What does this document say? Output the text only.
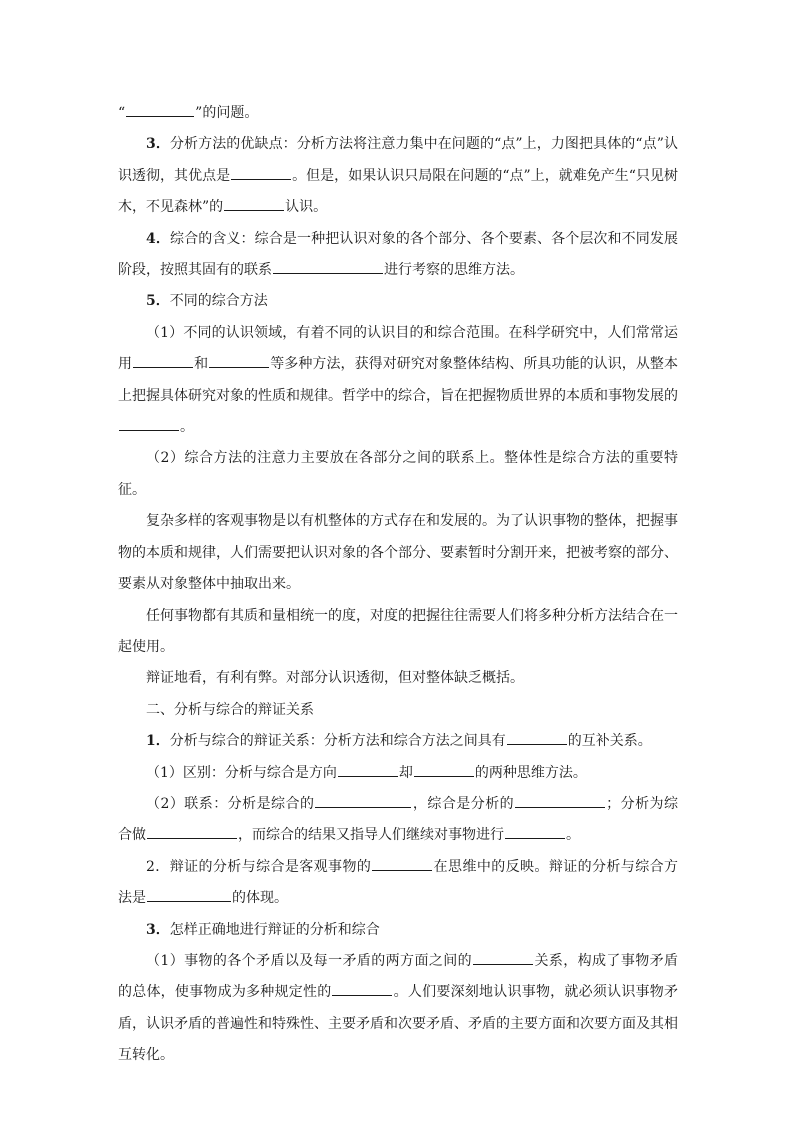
“	”的问题。

3．分析方法的优缺点：分析方法将注意力集中在问题的“点”上，力图把具体的“点”认识透彻，其优点是	。但是，如果认识只局限在问题的“点”上，就难免产生“只见树木，不见森林”的	认识。

4．综合的含义：综合是一种把认识对象的各个部分、各个要素、各个层次和不同发展阶段，按照其固有的联系	进行考察的思维方法。

5．不同的综合方法

（1）不同的认识领域，有着不同的认识目的和综合范围。在科学研究中，人们常常运用	和	等多种方法，获得对研究对象整体结构、所具功能的认识，从整本上把握具体研究对象的性质和规律。哲学中的综合，旨在把握物质世界的本质和事物发展的。

（2）综合方法的注意力主要放在各部分之间的联系上。整体性是综合方法的重要特征。

复杂多样的客观事物是以有机整体的方式存在和发展的。为了认识事物的整体，把握事物的本质和规律，人们需要把认识对象的各个部分、要素暂时分割开来，把被考察的部分、要素从对象整体中抽取出来。

任何事物都有其质和量相统一的度，对度的把握往往需要人们将多种分析方法结合在一起使用。

辩证地看，有利有弊。对部分认识透彻，但对整体缺乏概括。

二、分析与综合的辩证关系

1．分析与综合的辩证关系：分析方法和综合方法之间具有	的互补关系。

（1）区别：分析与综合是方向	却	的两种思维方法。

（2）联系：分析是综合的	，综合是分析的	；分析为综合做	，而综合的结果又指导人们继续对事物进行	。

2．辩证的分析与综合是客观事物的	在思维中的反映。辩证的分析与综合方法是	的体现。

3．怎样正确地进行辩证的分析和综合

（1）事物的各个矛盾以及每一矛盾的两方面之间的	关系，构成了事物矛盾的总体，使事物成为多种规定性的	。人们要深刻地认识事物，就必须认识事物矛盾，认识矛盾的普遍性和特殊性、主要矛盾和次要矛盾、矛盾的主要方面和次要方面及其相互转化。
